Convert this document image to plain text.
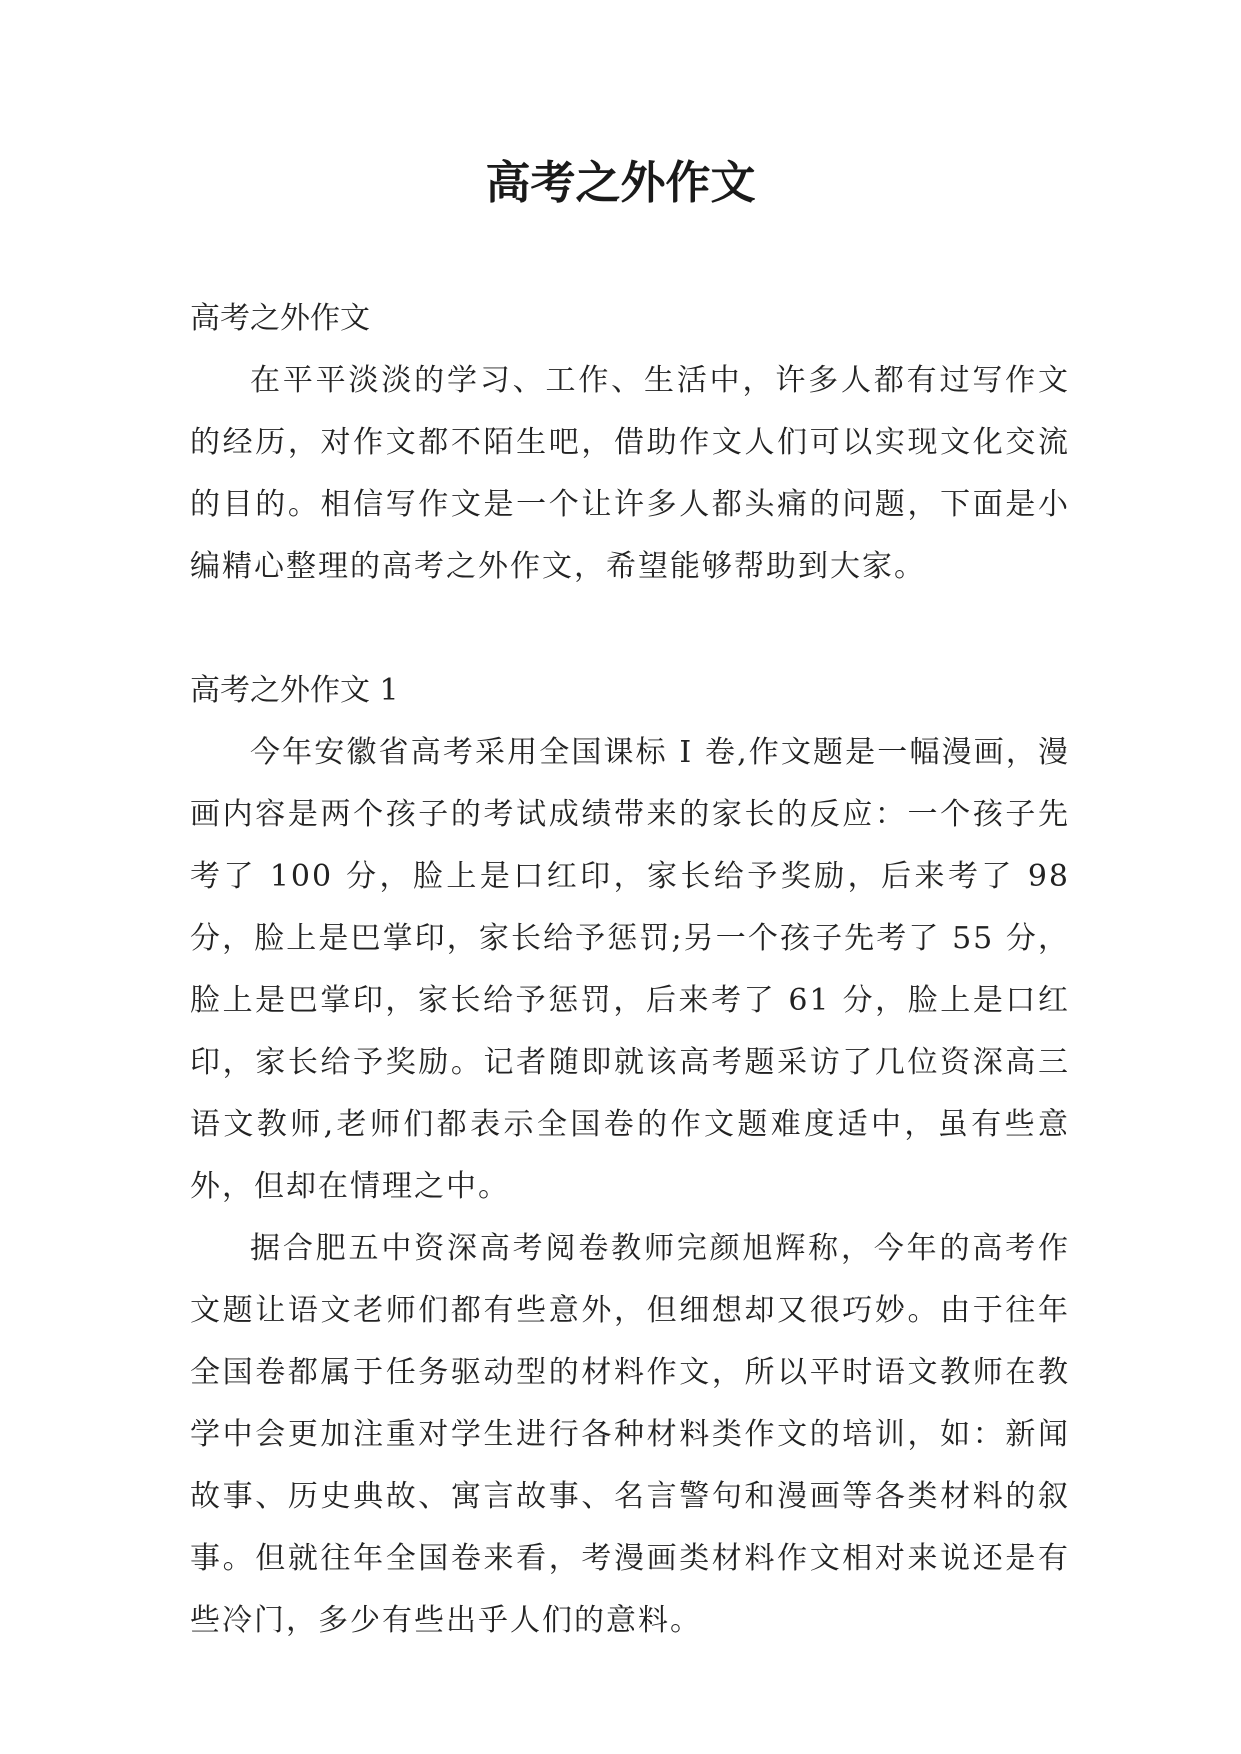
高考之外作文

高考之外作文

在平平淡淡的学习、工作、生活中，许多人都有过写作文的经历，对作文都不陌生吧，借助作文人们可以实现文化交流的目的。相信写作文是一个让许多人都头痛的问题，下面是小编精心整理的高考之外作文，希望能够帮助到大家。

高考之外作文 1

今年安徽省高考采用全国课标 I 卷,作文题是一幅漫画，漫画内容是两个孩子的考试成绩带来的家长的反应：一个孩子先考了 100 分，脸上是口红印，家长给予奖励，后来考了 98 分，脸上是巴掌印，家长给予惩罚;另一个孩子先考了 55 分，脸上是巴掌印，家长给予惩罚，后来考了 61 分，脸上是口红印，家长给予奖励。记者随即就该高考题采访了几位资深高三语文教师,老师们都表示全国卷的作文题难度适中，虽有些意外，但却在情理之中。

据合肥五中资深高考阅卷教师完颜旭辉称，今年的高考作文题让语文老师们都有些意外，但细想却又很巧妙。由于往年全国卷都属于任务驱动型的材料作文，所以平时语文教师在教学中会更加注重对学生进行各种材料类作文的培训，如：新闻故事、历史典故、寓言故事、名言警句和漫画等各类材料的叙事。但就往年全国卷来看，考漫画类材料作文相对来说还是有些冷门，多少有些出乎人们的意料。
